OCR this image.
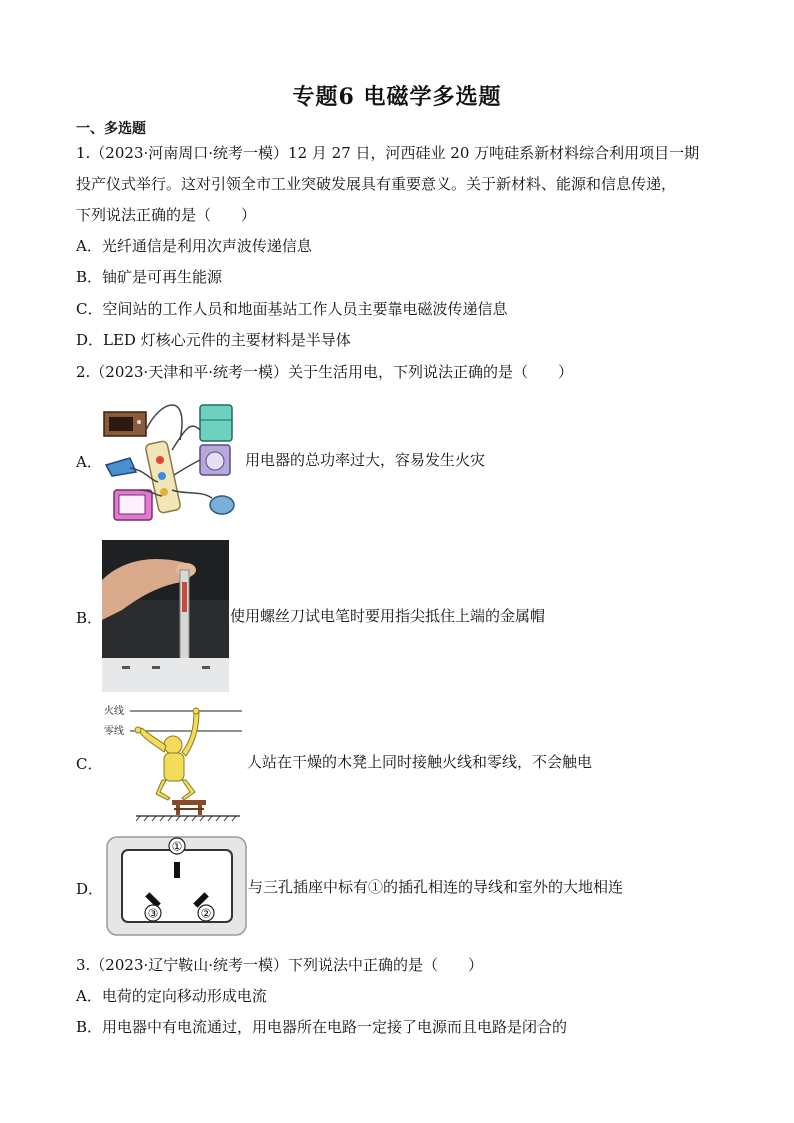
专题6 电磁学多选题
一、多选题
1.（2023·河南周口·统考一模）12 月 27 日，河西硅业 20 万吨硅系新材料综合利用项目一期
投产仪式举行。这对引领全市工业突破发展具有重要意义。关于新材料、能源和信息传递，
下列说法正确的是（　　）
A．光纤通信是利用次声波传递信息
B．铀矿是可再生能源
C．空间站的工作人员和地面基站工作人员主要靠电磁波传递信息
D．LED 灯核心元件的主要材料是半导体
2.（2023·天津和平·统考一模）关于生活用电，下列说法正确的是（　　）
A．	用电器的总功率过大，容易发生火灾
B．	使用螺丝刀试电笔时要用指尖抵住上端的金属帽
C．
火线
零线
人站在干燥的木凳上同时接触火线和零线，不会触电
D．
①
③	②
与三孔插座中标有①的插孔相连的导线和室外的大地相连
3.（2023·辽宁鞍山·统考一模）下列说法中正确的是（　　）
A．电荷的定向移动形成电流
B．用电器中有电流通过，用电器所在电路一定接了电源而且电路是闭合的
